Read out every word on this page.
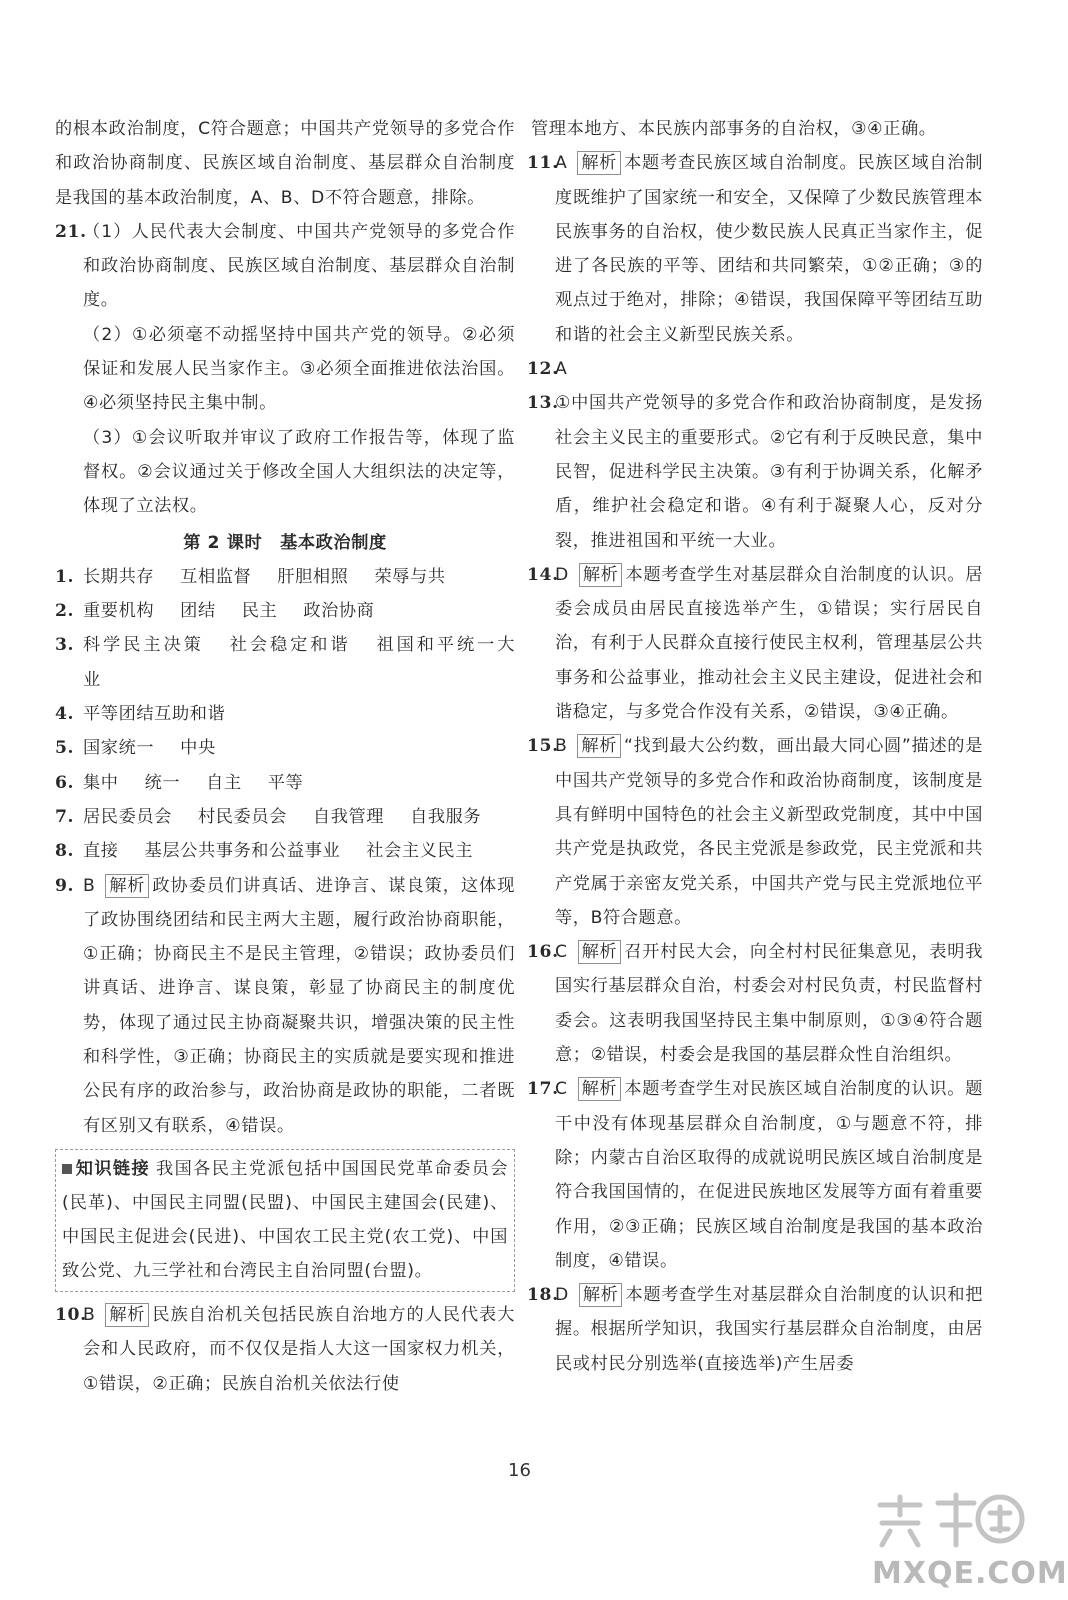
的根本政治制度，C符合题意；中国共产党领导的多党合作和政治协商制度、民族区域自治制度、基层群众自治制度是我国的基本政治制度，A、B、D不符合题意，排除。
21.
（1）人民代表大会制度、中国共产党领导的多党合作和政治协商制度、民族区域自治制度、基层群众自治制度。
（2）①必须毫不动摇坚持中国共产党的领导。②必须保证和发展人民当家作主。③必须全面推进依法治国。④必须坚持民主集中制。
（3）①会议听取并审议了政府工作报告等，体现了监督权。②会议通过关于修改全国人大组织法的决定等，体现了立法权。
第 2 课时　基本政治制度
1. 长期共存 互相监督 肝胆相照 荣辱与共
2. 重要机构 团结 民主 政治协商
3. 科学民主决策 社会稳定和谐 祖国和平统一大业
4. 平等团结互助和谐
5. 国家统一 中央
6. 集中 统一 自主 平等
7. 居民委员会 村民委员会 自我管理 自我服务
8. 直接 基层公共事务和公益事业 社会主义民主
9. B 解析 政协委员们讲真话、进诤言、谋良策，这体现了政协围绕团结和民主两大主题，履行政治协商职能，①正确；协商民主不是民主管理，②错误；政协委员们讲真话、进诤言、谋良策，彰显了协商民主的制度优势，体现了通过民主协商凝聚共识，增强决策的民主性和科学性，③正确；协商民主的实质就是要实现和推进公民有序的政治参与，政治协商是政协的职能，二者既有区别又有联系，④错误。
知识链接 我国各民主党派包括中国国民党革命委员会(民革)、中国民主同盟(民盟)、中国民主建国会(民建)、中国民主促进会(民进)、中国农工民主党(农工党)、中国致公党、九三学社和台湾民主自治同盟(台盟)。
10.
B 解析 民族自治机关包括民族自治地方的人民代表大会和人民政府，而不仅仅是指人大这一国家权力机关，①错误，②正确；民族自治机关依法行使
管理本地方、本民族内部事务的自治权，③④正确。
11.
A 解析 本题考查民族区域自治制度。民族区域自治制度既维护了国家统一和安全，又保障了少数民族管理本民族事务的自治权，使少数民族人民真正当家作主，促进了各民族的平等、团结和共同繁荣，①②正确；③的观点过于绝对，排除；④错误，我国保障平等团结互助和谐的社会主义新型民族关系。
12.
A
13.
①中国共产党领导的多党合作和政治协商制度，是发扬社会主义民主的重要形式。②它有利于反映民意，集中民智，促进科学民主决策。③有利于协调关系，化解矛盾，维护社会稳定和谐。④有利于凝聚人心，反对分裂，推进祖国和平统一大业。
14.
D 解析 本题考查学生对基层群众自治制度的认识。居委会成员由居民直接选举产生，①错误；实行居民自治，有利于人民群众直接行使民主权利，管理基层公共事务和公益事业，推动社会主义民主建设，促进社会和谐稳定，与多党合作没有关系，②错误，③④正确。
15.
B 解析 “找到最大公约数，画出最大同心圆”描述的是中国共产党领导的多党合作和政治协商制度，该制度是具有鲜明中国特色的社会主义新型政党制度，其中中国共产党是执政党，各民主党派是参政党，民主党派和共产党属于亲密友党关系，中国共产党与民主党派地位平等，B符合题意。
16.
C 解析 召开村民大会，向全村村民征集意见，表明我国实行基层群众自治，村委会对村民负责，村民监督村委会。这表明我国坚持民主集中制原则，①③④符合题意；②错误，村委会是我国的基层群众性自治组织。
17.
C 解析 本题考查学生对民族区域自治制度的认识。题干中没有体现基层群众自治制度，①与题意不符，排除；内蒙古自治区取得的成就说明民族区域自治制度是符合我国国情的，在促进民族地区发展等方面有着重要作用，②③正确；民族区域自治制度是我国的基本政治制度，④错误。
18.
D 解析 本题考查学生对基层群众自治制度的认识和把握。根据所学知识，我国实行基层群众自治制度，由居民或村民分别选举(直接选举)产生居委
16
MXQE.COM
